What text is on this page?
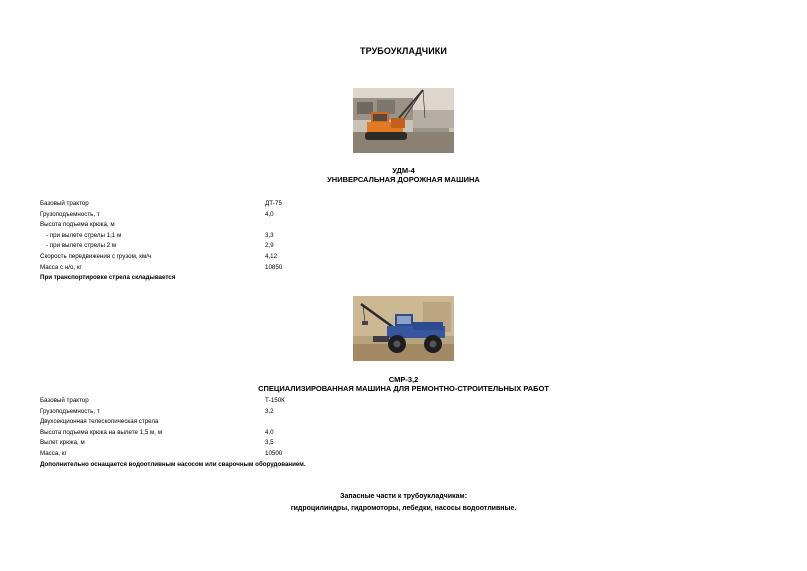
ТРУБОУКЛАДЧИКИ
УДМ-4
УНИВЕРСАЛЬНАЯ ДОРОЖНАЯ МАШИНА
Базовый трактор	ДТ-75
Грузоподъемность, т	4,0
Высота подъема крюка, м
- при вылете стрелы 1,1 м	3,3
- при вылете стрелы 2 м	2,9
Скорость передвижения с грузом, км/ч	4,12
Масса с н/о, кг	10850
При транспортировке стрела складывается
СМР-3,2
СПЕЦИАЛИЗИРОВАННАЯ МАШИНА ДЛЯ РЕМОНТНО-СТРОИТЕЛЬНЫХ РАБОТ
Базовый трактор	Т-150К
Грузоподъемность, т	3,2
Двухсекционная телескопическая стрела
Высота подъема крюка на вылете 1,5 м, м	4,0
Вылет крюка, м	3,5
Масса, кг	10500
Дополнительно оснащается водоотливным насосом или сварочным оборудованием.
Запасные части к трубоукладчикам:
гидроцилиндры, гидромоторы, лебедки, насосы водоотливные.
